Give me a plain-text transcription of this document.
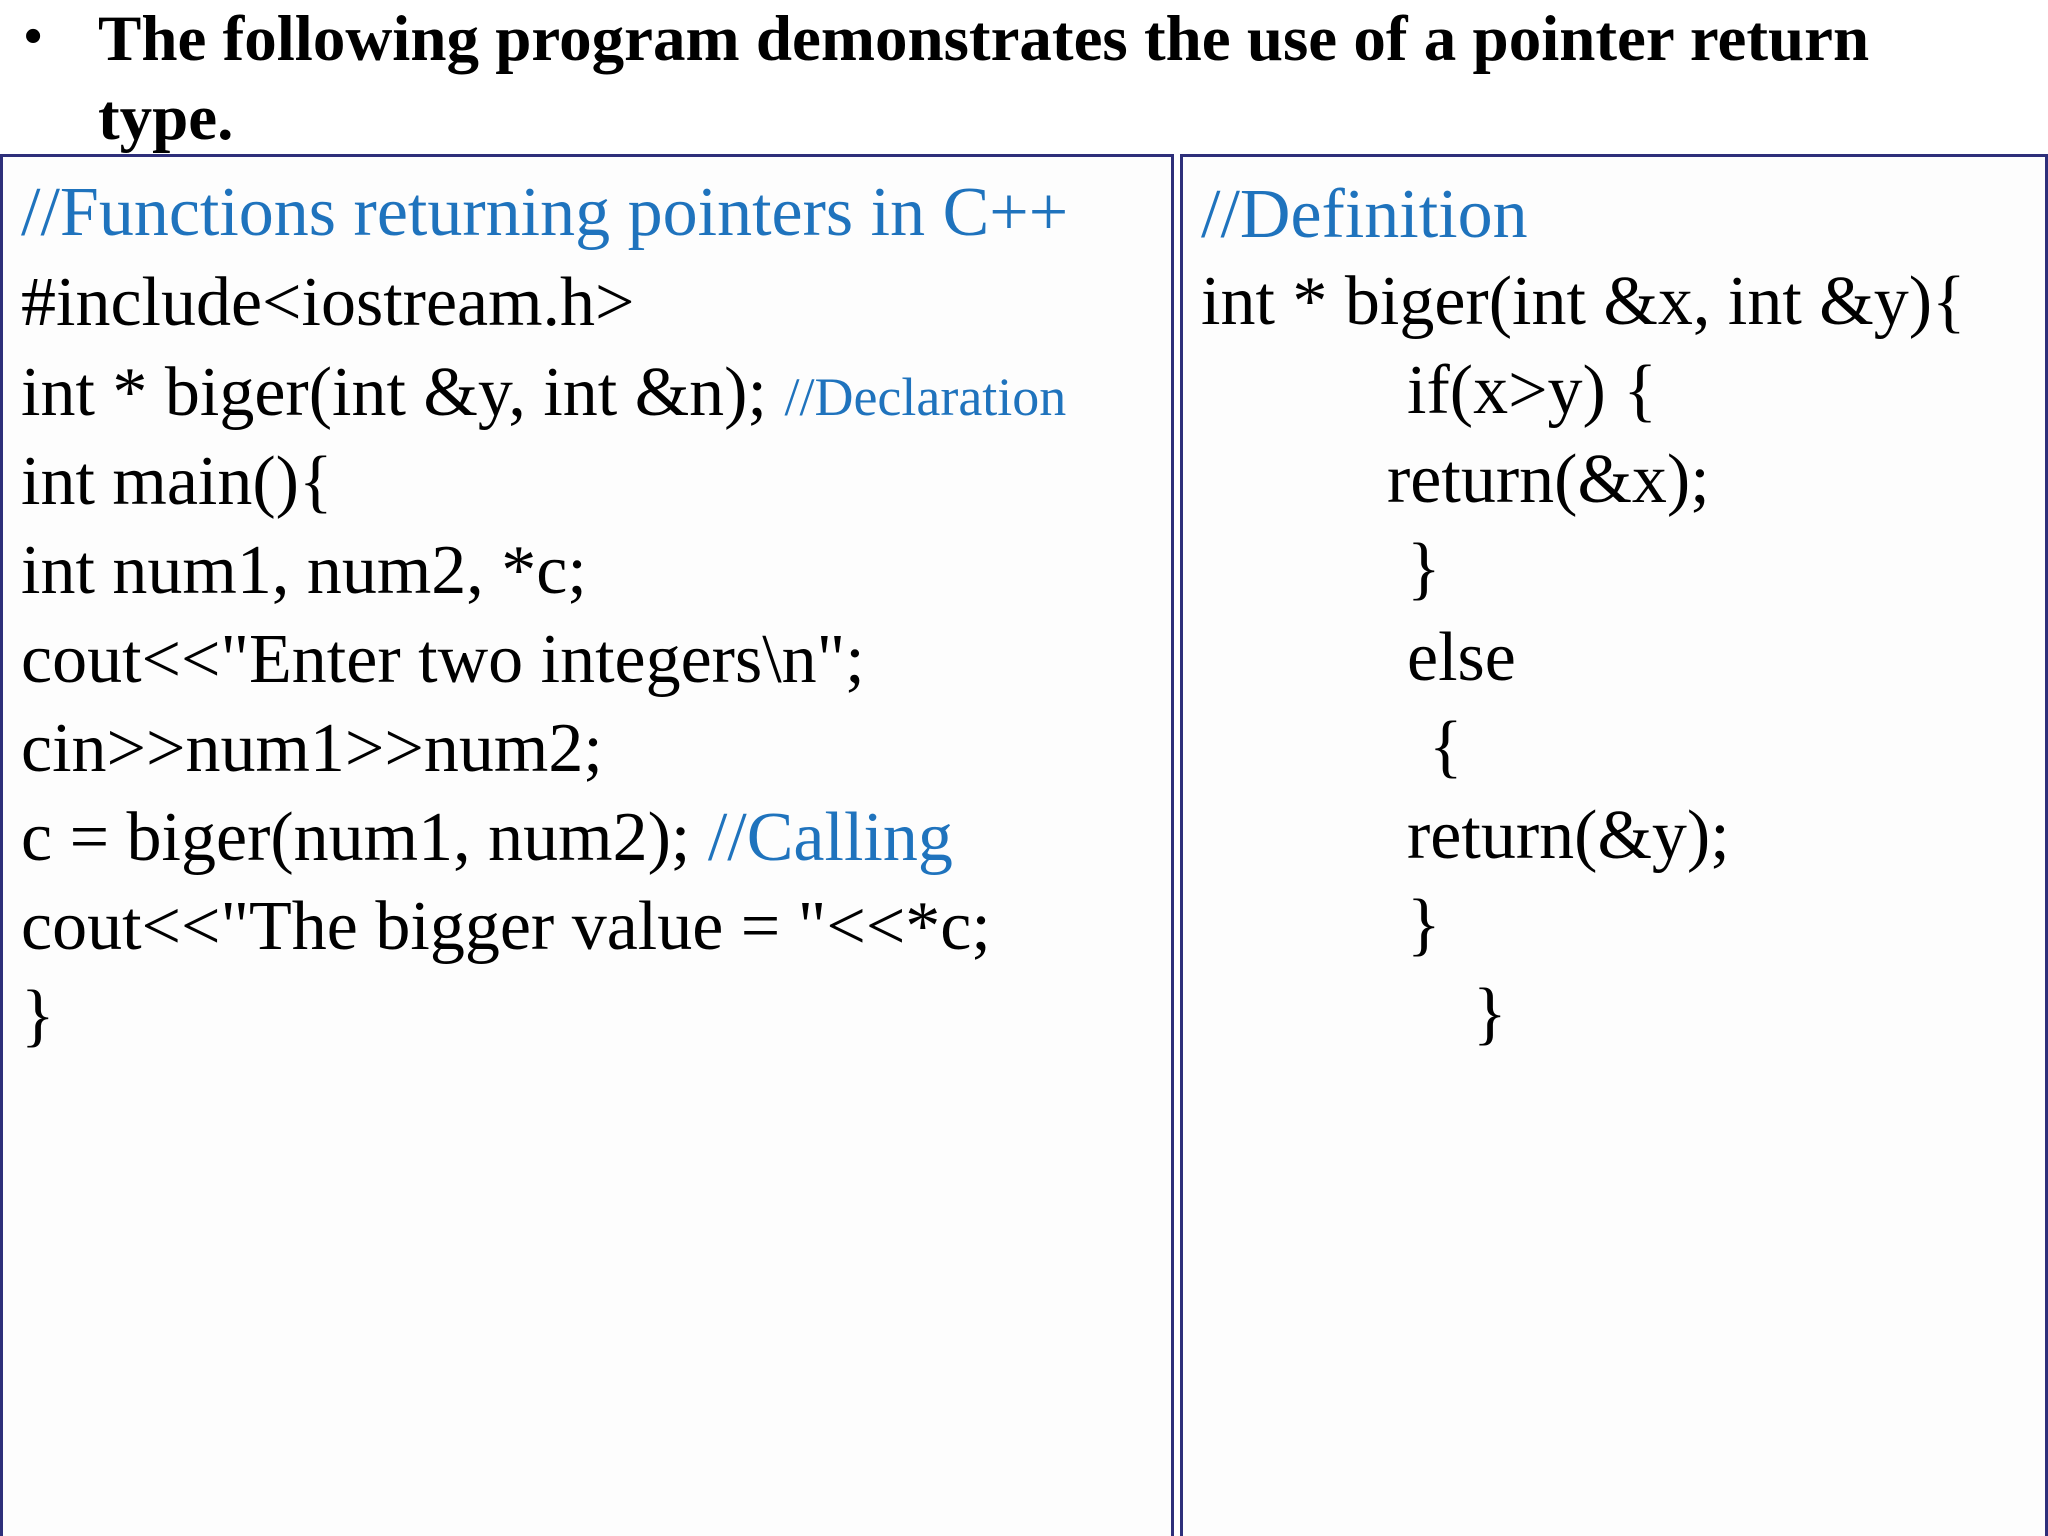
• The following program demonstrates the use of a pointer return type.

//Functions returning pointers in C++
#include<iostream.h>
int * biger(int &y, int &n); //Declaration
int main(){
int num1, num2, *c;
cout<<"Enter two integers\n";
cin>>num1>>num2;
c = biger(num1, num2); //Calling
cout<<"The bigger value = "<<*c;
}
//Definition
int * biger(int &x, int &y){
if(x>y) {
return(&x);
}
else
{
return(&y);
}
}
